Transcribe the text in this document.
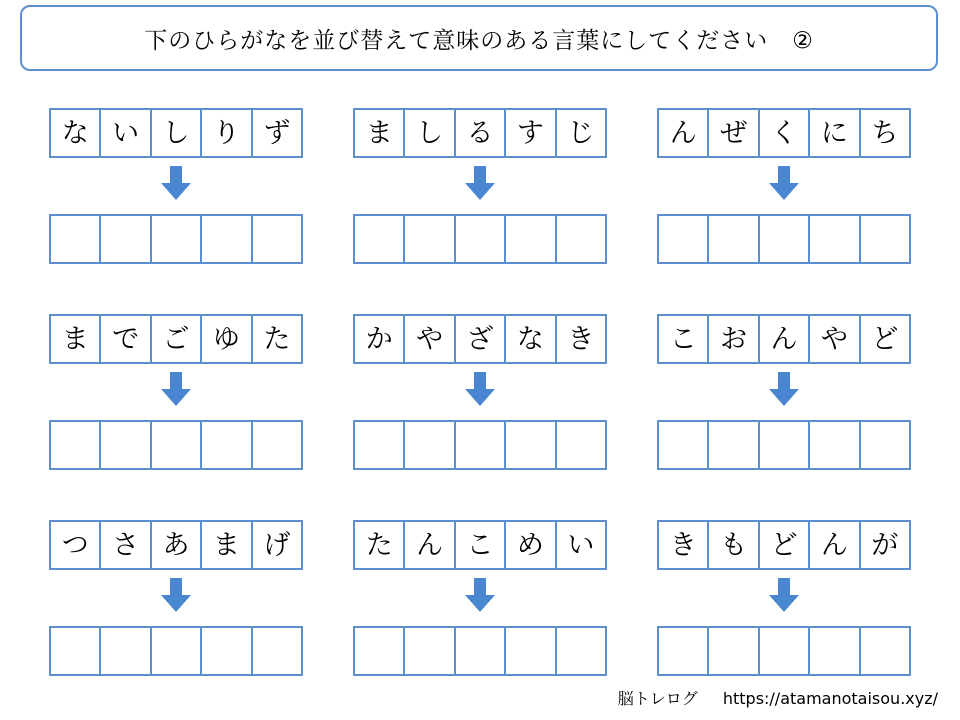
下のひらがなを並び替えて意味のある言葉にしてください　②
な い し り ず	ま し る す じ	ん ぜ く に ち
ま で ご ゆ た	か や ざ な き	こ お ん や ど
つ さ あ ま げ	た ん こ め い	き も ど ん が
脳トレログ https://atamanotaisou.xyz/
